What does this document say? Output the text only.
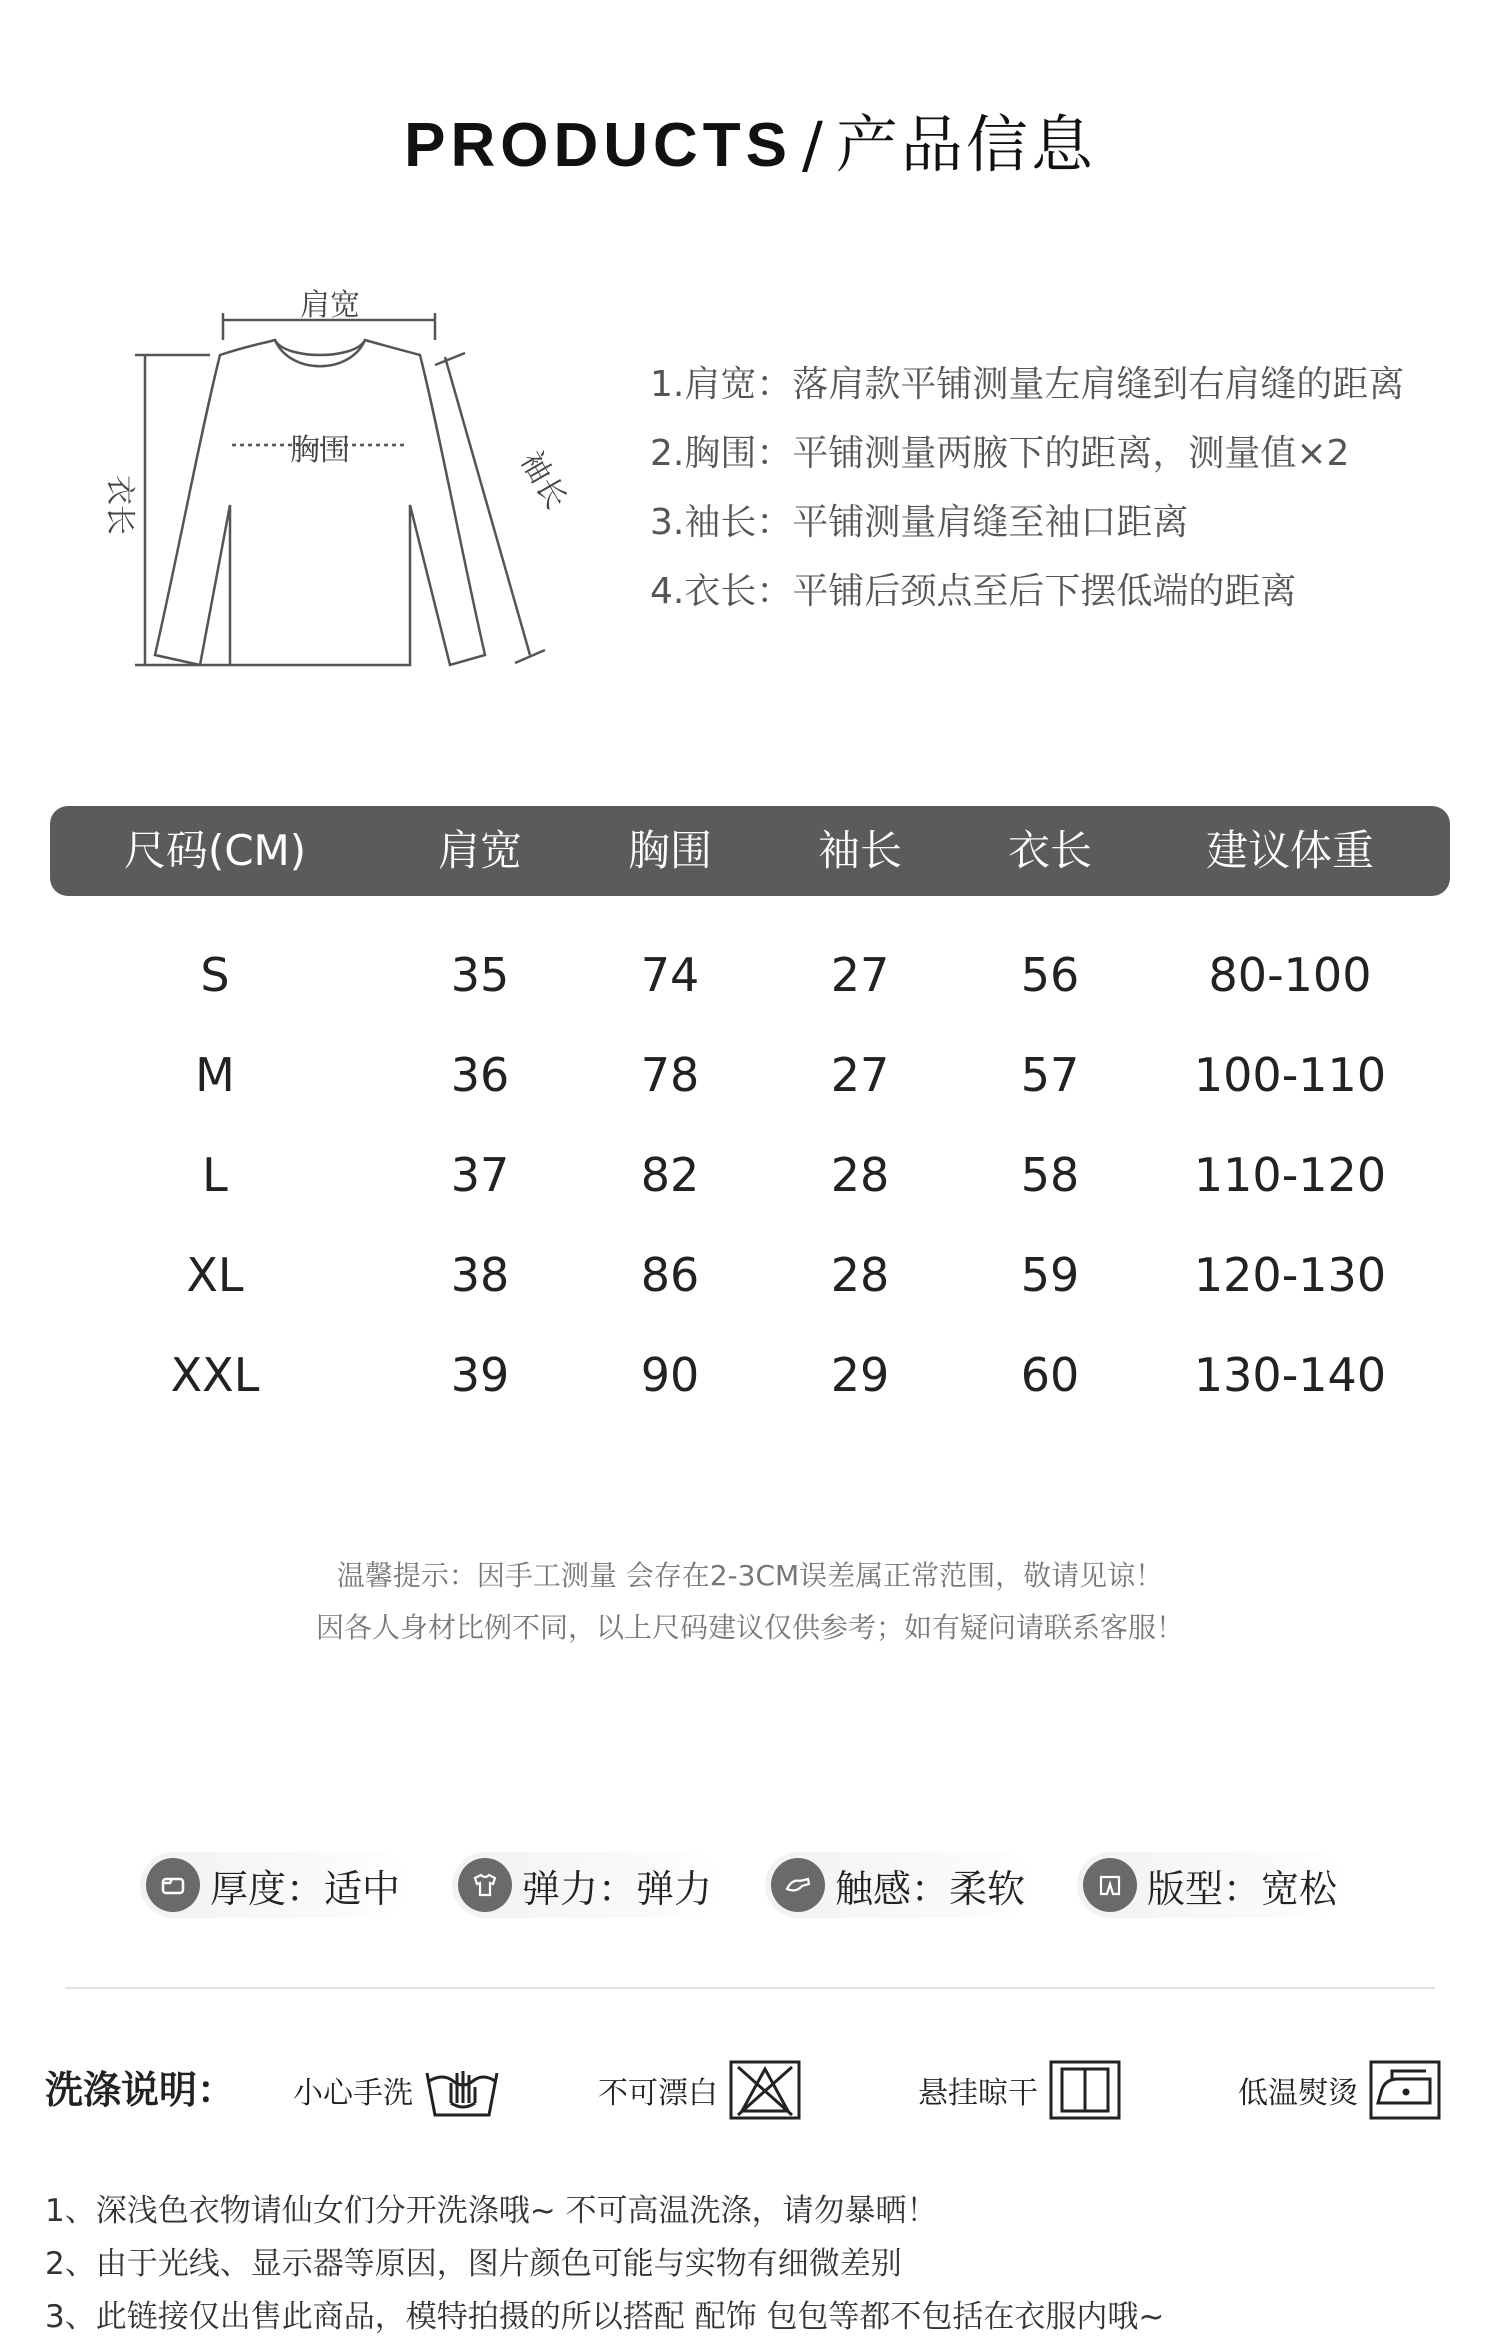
PRODUCTS / 产品信息
肩宽
胸围
衣长	袖长
1.肩宽：落肩款平铺测量左肩缝到右肩缝的距离
2.胸围：平铺测量两腋下的距离，测量值×2
3.袖长：平铺测量肩缝至袖口距离
4.衣长：平铺后颈点至后下摆低端的距离
尺码(CM)	肩宽	胸围	袖长	衣长	建议体重
S	35	74	27	56	80-100
M	36	78	27	57	100-110
L	37	82	28	58	110-120
XL	38	86	28	59	120-130
XXL	39	90	29	60	130-140
温馨提示：因手工测量 会存在2-3CM误差属正常范围，敬请见谅！
因各人身材比例不同，以上尺码建议仅供参考；如有疑问请联系客服！
厚度：适中	弹力：弹力	触感：柔软	版型：宽松
洗涤说明： 小心手洗	不可漂白	悬挂晾干	低温熨烫
1、深浅色衣物请仙女们分开洗涤哦~ 不可高温洗涤，请勿暴晒！
2、由于光线、显示器等原因，图片颜色可能与实物有细微差别
3、此链接仅出售此商品，模特拍摄的所以搭配 配饰 包包等都不包括在衣服内哦~
